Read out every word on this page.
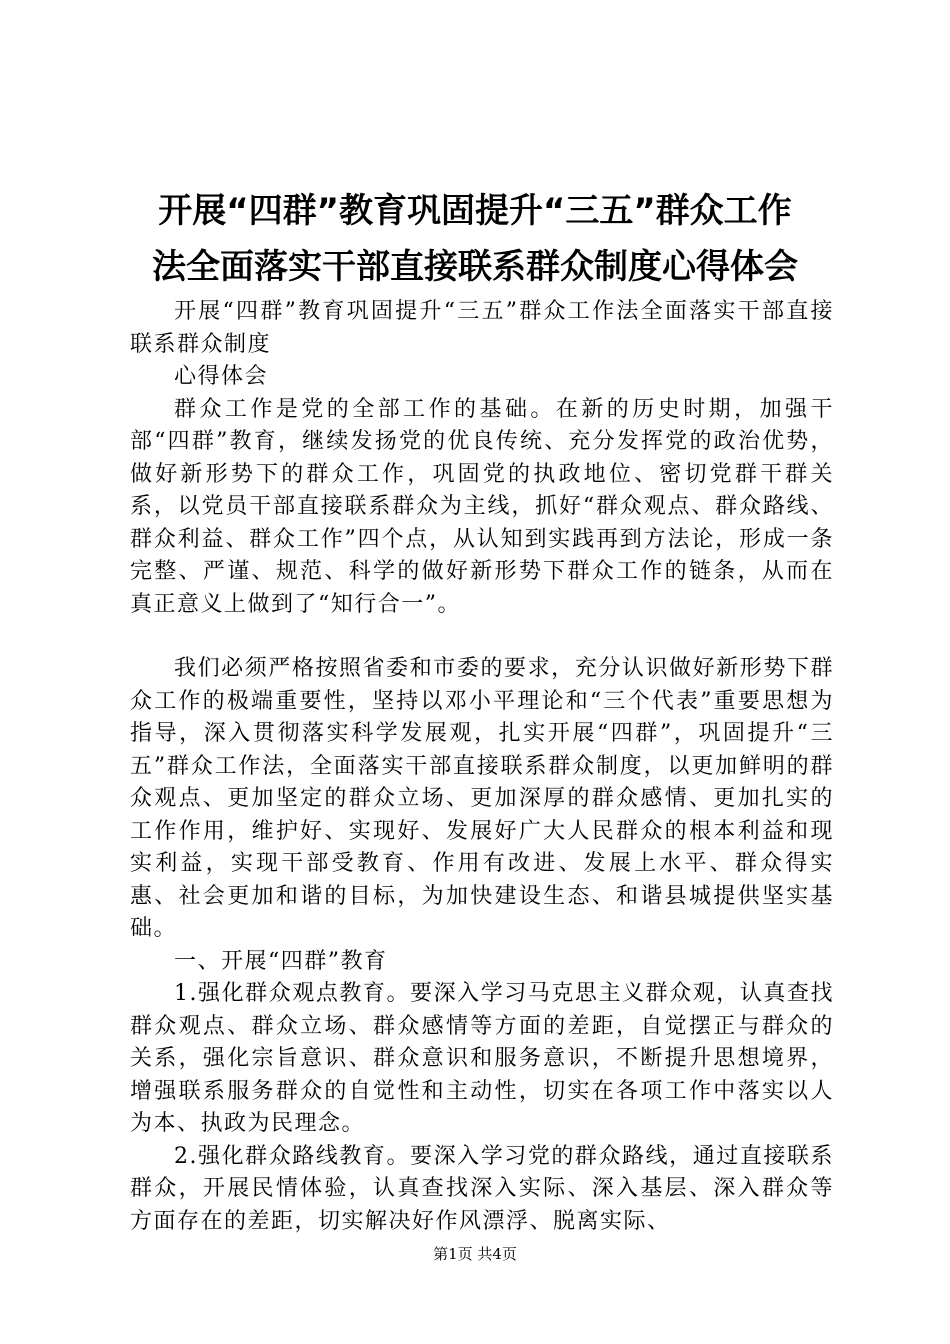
开展“四群”教育巩固提升“三五”群众工作
法全面落实干部直接联系群众制度心得体会

开展“四群”教育巩固提升“三五”群众工作法全面落实干部直接联系群众制度

心得体会

群众工作是党的全部工作的基础。在新的历史时期，加强干部“四群”教育，继续发扬党的优良传统、充分发挥党的政治优势，做好新形势下的群众工作，巩固党的执政地位、密切党群干群关系，以党员干部直接联系群众为主线，抓好“群众观点、群众路线、群众利益、群众工作”四个点，从认知到实践再到方法论，形成一条完整、严谨、规范、科学的做好新形势下群众工作的链条，从而在真正意义上做到了“知行合一”。

我们必须严格按照省委和市委的要求，充分认识做好新形势下群众工作的极端重要性，坚持以邓小平理论和“三个代表”重要思想为指导，深入贯彻落实科学发展观，扎实开展“四群”，巩固提升“三五”群众工作法，全面落实干部直接联系群众制度，以更加鲜明的群众观点、更加坚定的群众立场、更加深厚的群众感情、更加扎实的工作作用，维护好、实现好、发展好广大人民群众的根本利益和现实利益，实现干部受教育、作用有改进、发展上水平、群众得实惠、社会更加和谐的目标，为加快建设生态、和谐县城提供坚实基础。

一、开展“四群”教育

1.强化群众观点教育。要深入学习马克思主义群众观，认真查找群众观点、群众立场、群众感情等方面的差距，自觉摆正与群众的关系，强化宗旨意识、群众意识和服务意识，不断提升思想境界，增强联系服务群众的自觉性和主动性，切实在各项工作中落实以人为本、执政为民理念。

2.强化群众路线教育。要深入学习党的群众路线，通过直接联系群众，开展民情体验，认真查找深入实际、深入基层、深入群众等方面存在的差距，切实解决好作风漂浮、脱离实际、

第1页 共4页
